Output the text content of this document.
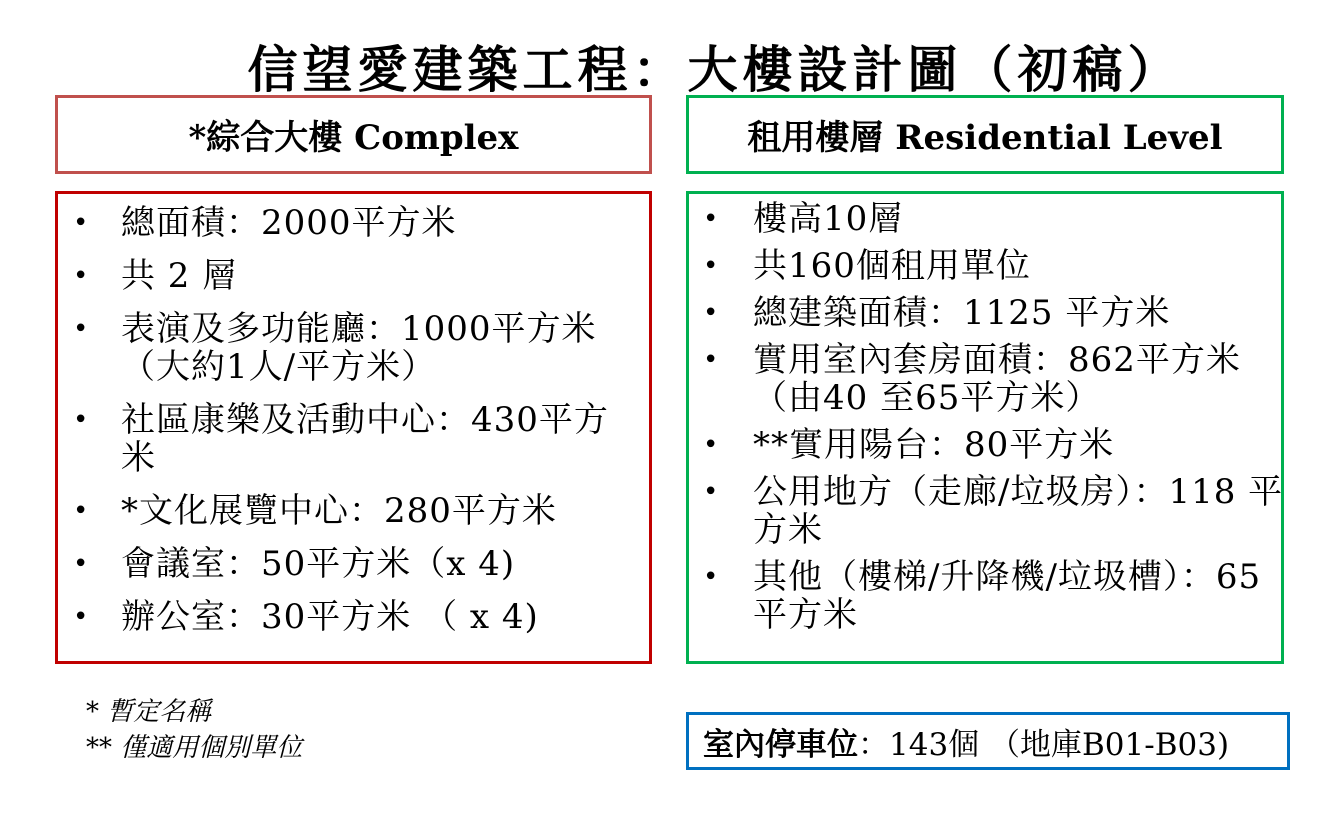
信望愛建築工程：大樓設計圖（初稿）
*綜合大樓 Complex	租用樓層 Residential Level
• 總面積：2000平方米
• 共 2 層
• 表演及多功能廳：1000平方米（大約1人/平方米）
• 社區康樂及活動中心：430平方米
• *文化展覽中心：280平方米
• 會議室：50平方米（x 4)
• 辦公室：30平方米 （ x 4)
• 樓高10層
• 共160個租用單位
• 總建築面積：1125 平方米
• 實用室內套房面積：862平方米（由40 至65平方米）
• **實用陽台：80平方米
• 公用地方（走廊/垃圾房）：118 平方米
• 其他（樓梯/升降機/垃圾槽）：65平方米
* 暫定名稱
** 僅適用個別單位	室內停車位 ：143個 （地庫B01-B03)
